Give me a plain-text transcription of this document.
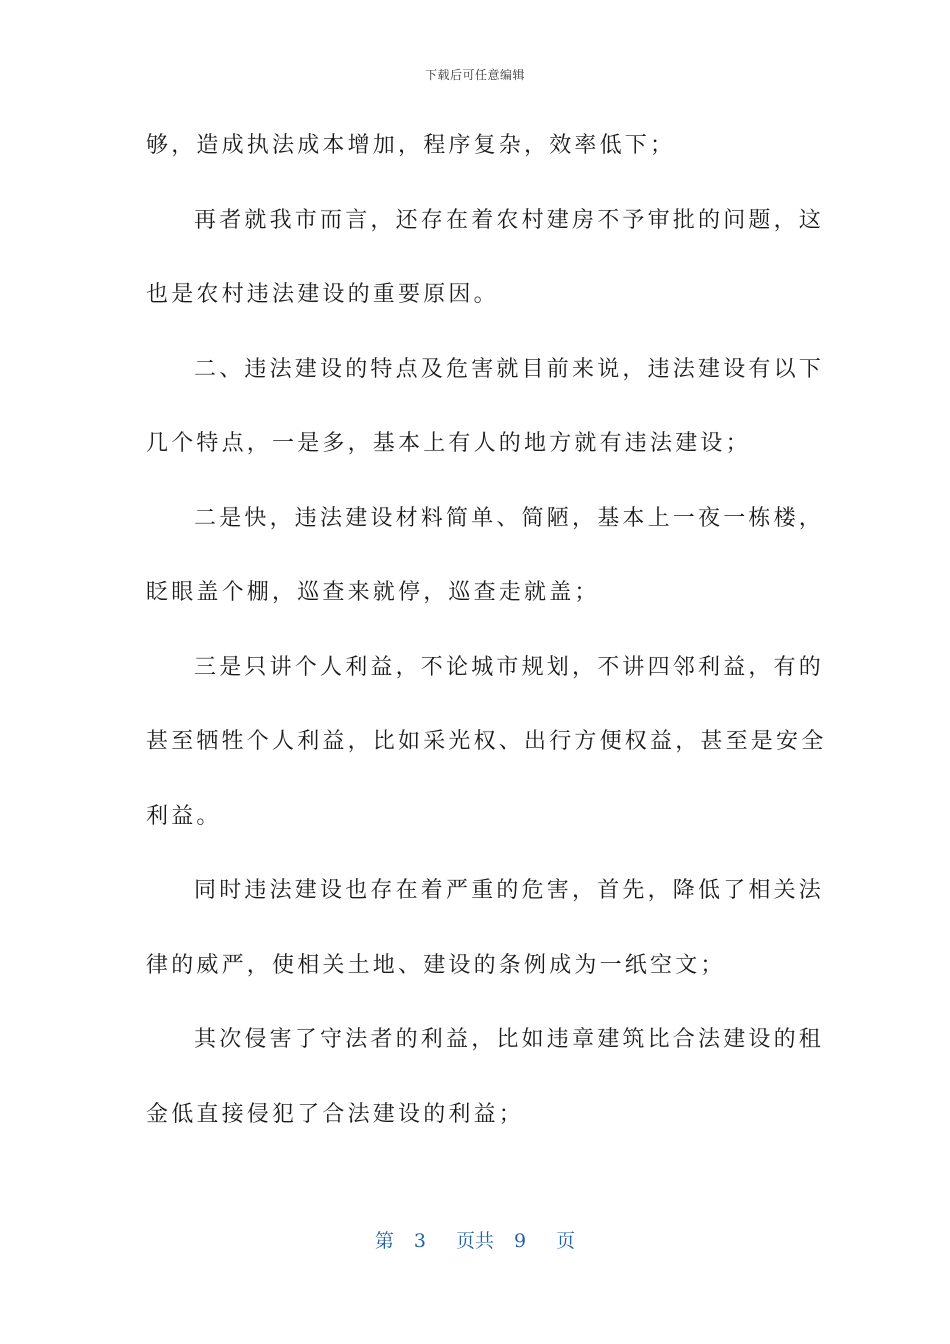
下载后可任意编辑
够，造成执法成本增加，程序复杂，效率低下；
再者就我市而言，还存在着农村建房不予审批的问题，这
也是农村违法建设的重要原因。
二、违法建设的特点及危害就目前来说，违法建设有以下
几个特点，一是多，基本上有人的地方就有违法建设；
二是快，违法建设材料简单、简陋，基本上一夜一栋楼，
眨眼盖个棚，巡查来就停，巡查走就盖；
三是只讲个人利益，不论城市规划，不讲四邻利益，有的
甚至牺牲个人利益，比如采光权、出行方便权益，甚至是安全
利益。
同时违法建设也存在着严重的危害，首先，降低了相关法
律的威严，使相关土地、建设的条例成为一纸空文；
其次侵害了守法者的利益，比如违章建筑比合法建设的租
金低直接侵犯了合法建设的利益；
第 3 页共 9 页
